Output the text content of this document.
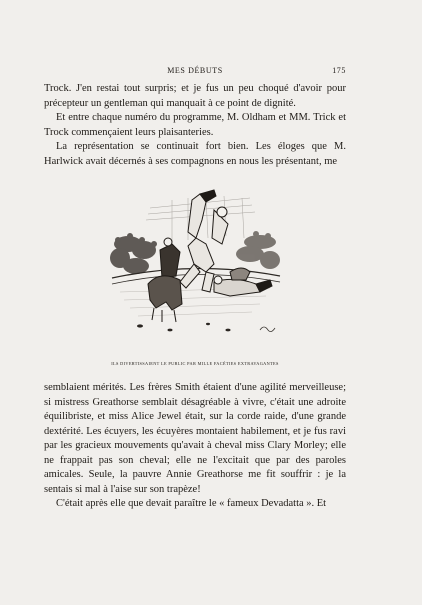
MES DÉBUTS	175

Trock. J'en restai tout surpris; et je fus un peu choqué d'avoir pour précepteur un gentleman qui manquait à ce point de dignité.

Et entre chaque numéro du programme, M. Oldham et MM. Trick et Trock commençaient leurs plaisanteries.

La représentation se continuait fort bien. Les éloges que M. Harlwick avait décernés à ses compagnons en nous les présentant, me

ILS DIVERTISSAIENT LE PUBLIC PAR MILLE FACÉTIES EXTRAVAGANTES

semblaient mérités. Les frères Smith étaient d'une agilité merveilleuse; si mistress Greathorse semblait désagréable à vivre, c'était une adroite équilibriste, et miss Alice Jewel était, sur la corde raide, d'une grande dextérité. Les écuyers, les écuyères montaient habilement, et je fus ravi par les gracieux mouvements qu'avait à cheval miss Clary Morley; elle ne frappait pas son cheval; elle ne l'excitait que par des paroles amicales. Seule, la pauvre Annie Greathorse me fit souffrir : je la sentais si mal à l'aise sur son trapèze!

C'était après elle que devait paraître le « fameux Devadatta ». Et
